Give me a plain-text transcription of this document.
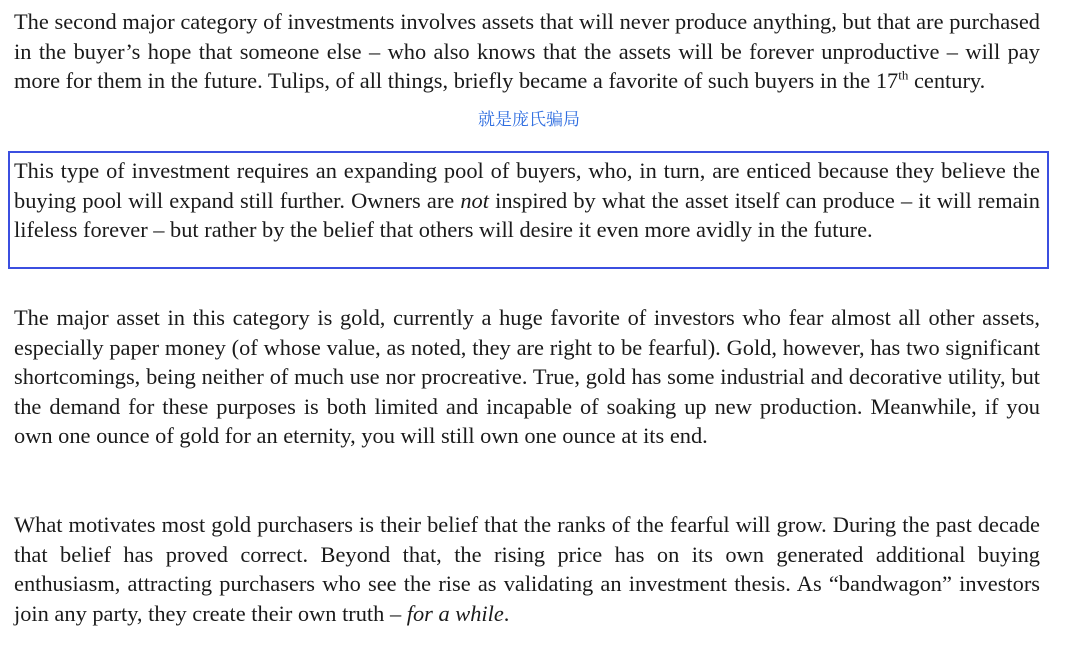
The second major category of investments involves assets that will never produce anything, but that are purchased in the buyer’s hope that someone else – who also knows that the assets will be forever unproductive – will pay more for them in the future. Tulips, of all things, briefly became a favorite of such buyers in the 17th century.

就是庞氏骗局

This type of investment requires an expanding pool of buyers, who, in turn, are enticed because they believe the buying pool will expand still further. Owners are not inspired by what the asset itself can produce – it will remain lifeless forever – but rather by the belief that others will desire it even more avidly in the future.

The major asset in this category is gold, currently a huge favorite of investors who fear almost all other assets, especially paper money (of whose value, as noted, they are right to be fearful). Gold, however, has two significant shortcomings, being neither of much use nor procreative. True, gold has some industrial and decorative utility, but the demand for these purposes is both limited and incapable of soaking up new production. Meanwhile, if you own one ounce of gold for an eternity, you will still own one ounce at its end.

What motivates most gold purchasers is their belief that the ranks of the fearful will grow. During the past decade that belief has proved correct. Beyond that, the rising price has on its own generated additional buying enthusiasm, attracting purchasers who see the rise as validating an investment thesis. As “bandwagon” investors join any party, they create their own truth – for a while.
